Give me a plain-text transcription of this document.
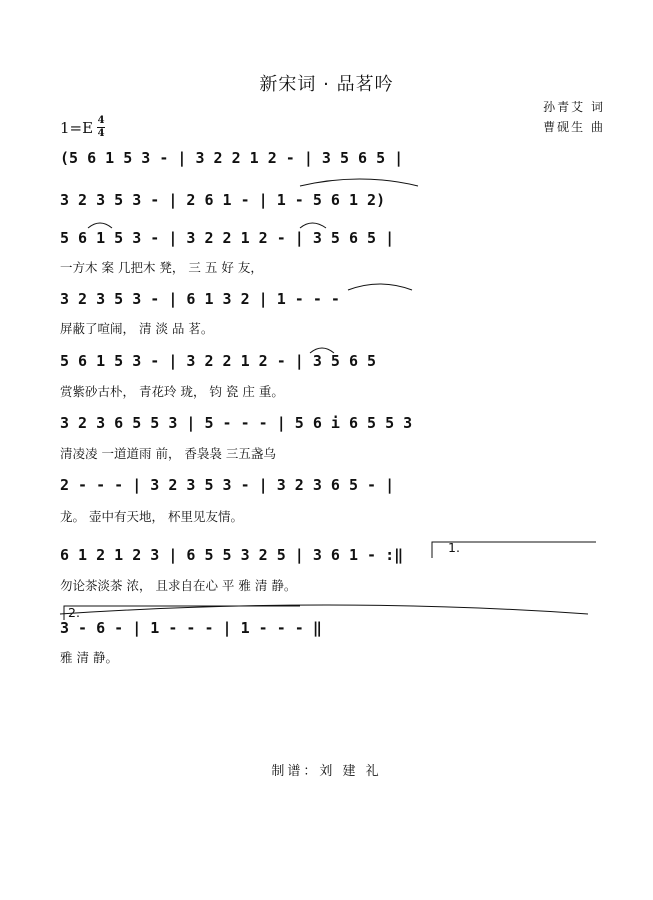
新宋词 · 品茗吟
孙青艾 词
曹砚生 曲
$1=E \frac{4}{4}$
(5 6 1 5 3 - | 3 2 2 1 2 - | 3 5 6 5 |
3 2 3 5 3 - | 2 6 1 - | 1 - 5 6 1 2)
5 6 1 5 3 - | 3 2 2 1 2 - | 3 5 6 5 |
3 2 3 5 3 - | 6 1 3 2 | 1 - - -
5 6 1 5 3 - | 3 2 2 1 2 - | 3 5 6 5
3 2 3 6 5 5 3 | 5 - - - | 5 6 i 6 5 5 3
2 - - - | 3 2 3 5 3 - | 3 2 3 6 5 - |
6 1 2 1 2 3 | 6 5 5 3 2 5 | 3 6 1 - :‖
3 - 6 - | 1 - - - | 1 - - - ‖
一方木 案 几把木 凳， 三 五 好 友，
屏蔽了喧闹， 清 淡 品 茗。
赏紫砂古朴， 青花玲 珑， 钧 瓷 庄 重。
清凌凌 一道道雨 前， 香袅袅 三五盏乌
龙。 壶中有天地， 杯里见友情。
勿论茶淡茶 浓， 且求自在心 平 雅 清 静。
雅 清 静。
1.
2.
制谱：刘 建 礼
